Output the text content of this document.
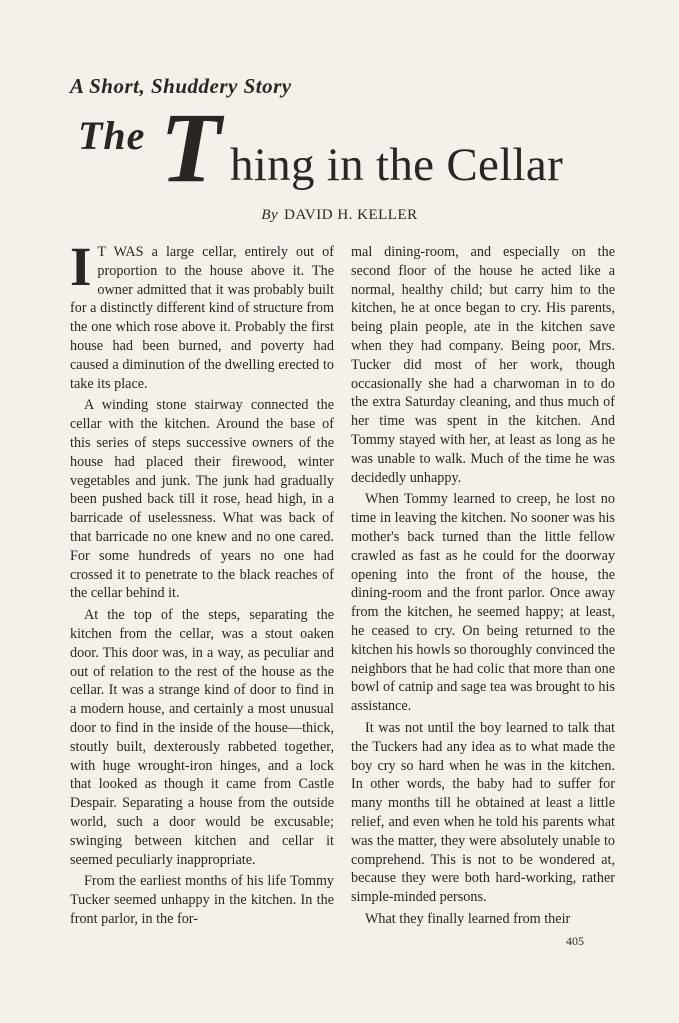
A Short, Shuddery Story
The T hing in the Cellar
By DAVID H. KELLER

I T WAS a large cellar, entirely out of proportion to the house above it. The owner admitted that it was probably built for a distinctly different kind of structure from the one which rose above it. Probably the first house had been burned, and poverty had caused a diminution of the dwelling erected to take its place.

A winding stone stairway connected the cellar with the kitchen. Around the base of this series of steps successive owners of the house had placed their firewood, winter vegetables and junk. The junk had gradually been pushed back till it rose, head high, in a barricade of uselessness. What was back of that barricade no one knew and no one cared. For some hundreds of years no one had crossed it to penetrate to the black reaches of the cellar behind it.

At the top of the steps, separating the kitchen from the cellar, was a stout oaken door. This door was, in a way, as peculiar and out of relation to the rest of the house as the cellar. It was a strange kind of door to find in a modern house, and certainly a most unusual door to find in the inside of the house—thick, stoutly built, dexterously rabbeted together, with huge wrought-iron hinges, and a lock that looked as though it came from Castle Despair. Separating a house from the outside world, such a door would be excusable; swinging between kitchen and cellar it seemed peculiarly inappropriate.

From the earliest months of his life Tommy Tucker seemed unhappy in the kitchen. In the front parlor, in the for-

mal dining-room, and especially on the second floor of the house he acted like a normal, healthy child; but carry him to the kitchen, he at once began to cry. His parents, being plain people, ate in the kitchen save when they had company. Being poor, Mrs. Tucker did most of her work, though occasionally she had a charwoman in to do the extra Saturday cleaning, and thus much of her time was spent in the kitchen. And Tommy stayed with her, at least as long as he was unable to walk. Much of the time he was decidedly unhappy.

When Tommy learned to creep, he lost no time in leaving the kitchen. No sooner was his mother's back turned than the little fellow crawled as fast as he could for the doorway opening into the front of the house, the dining-room and the front parlor. Once away from the kitchen, he seemed happy; at least, he ceased to cry. On being returned to the kitchen his howls so thoroughly convinced the neighbors that he had colic that more than one bowl of catnip and sage tea was brought to his assistance.

It was not until the boy learned to talk that the Tuckers had any idea as to what made the boy cry so hard when he was in the kitchen. In other words, the baby had to suffer for many months till he obtained at least a little relief, and even when he told his parents what was the matter, they were absolutely unable to comprehend. This is not to be wondered at, because they were both hard-working, rather simple-minded persons.

What they finally learned from their

405
